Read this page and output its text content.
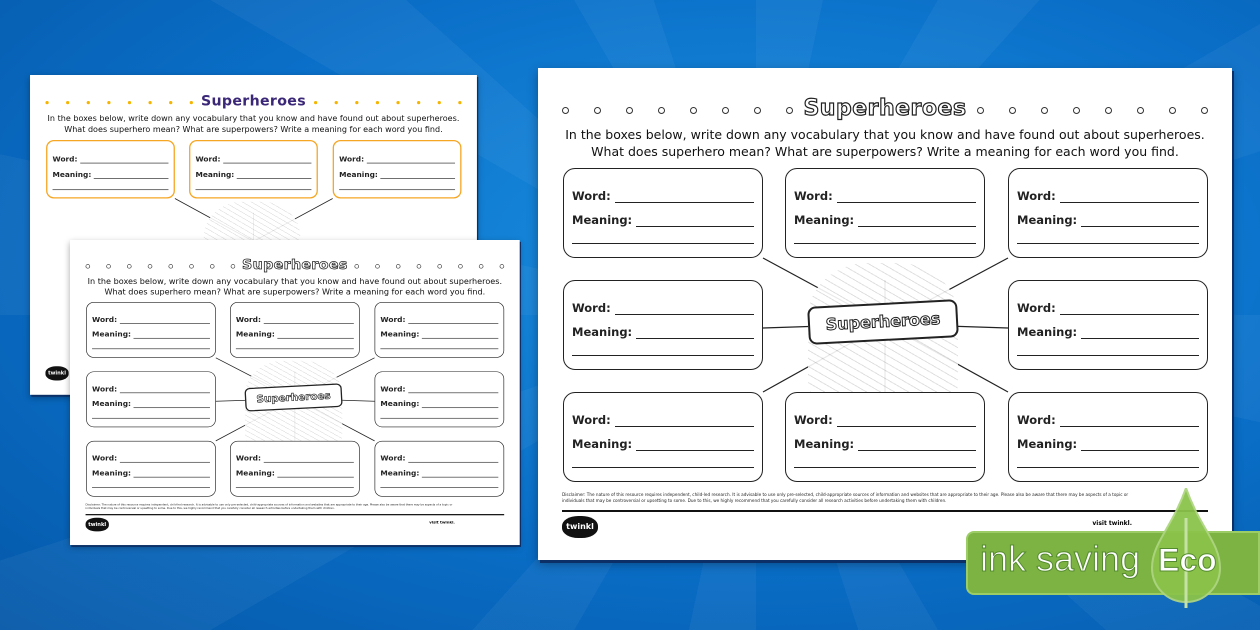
Superheroes
In the boxes below, write down any vocabulary that you know and have found out about superheroes.
What does superhero mean? What are superpowers? Write a meaning for each word you find.
Word:
Meaning:
Word:
Meaning:
Word:
Meaning:
twinkl
Superheroes
In the boxes below, write down any vocabulary that you know and have found out about superheroes.
What does superhero mean? What are superpowers? Write a meaning for each word you find.
Superheroes
Word:
Meaning:
Word:
Meaning:
Word:
Meaning:
Word:
Meaning:
Word:
Meaning:
Word:
Meaning:
Word:
Meaning:
Word:
Meaning:
Disclaimer: The nature of this resource requires independent, child-led research. It is advisable to use only pre-selected, child-appropriate sources of information and websites that are appropriate to their age. Please also be aware that there may be aspects of a topic or individuals that may be controversial or upsetting to some. Due to this, we highly recommend that you carefully consider all research activities before undertaking them with children.
twinkl	visit twinkl.
Superheroes
In the boxes below, write down any vocabulary that you know and have found out about superheroes.
What does superhero mean? What are superpowers? Write a meaning for each word you find.
Superheroes
Word:
Meaning:
Word:
Meaning:
Word:
Meaning:
Word:
Meaning:
Word:
Meaning:
Word:
Meaning:
Word:
Meaning:
Word:
Meaning:
Disclaimer: The nature of this resource requires independent, child-led research. It is advisable to use only pre-selected, child-appropriate sources of information and websites that are appropriate to their age. Please also be aware that there may be aspects of a topic or individuals that may be controversial or upsetting to some. Due to this, we highly recommend that you carefully consider all research activities before undertaking them with children.
twinkl	visit twinkl.
ink saving Eco
